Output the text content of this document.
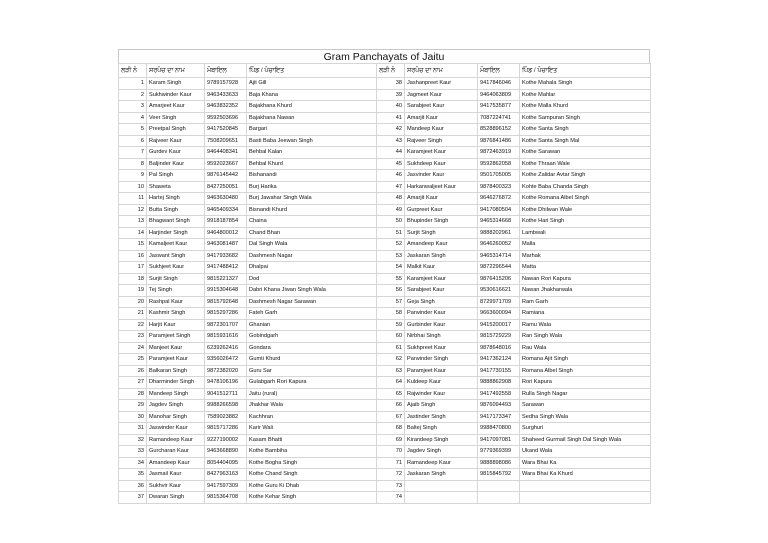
Gram Panchayats of Jaitu
ਲੜੀ ਨੰ	ਸਰਪੰਚ ਦਾ ਨਾਮ	ਮੋਬਾਇਲ	ਪਿੰਡ / ਪੰਚਾਇਤ	ਲੜੀ ਨੰ	ਸਰਪੰਚ ਦਾ ਨਾਮ	ਮੋਬਾਇਲ	ਪਿੰਡ / ਪੰਚਾਇਤ
1	Karam Singh	9789157928	Ajit Gill	38	Jashanpreet Kaur	9417846046	Kothe Mahala Singh
2	Sukhwinder Kaur	9463433633	Baja Khana	39	Jagmeet Kaur	9464063809	Kothe Mahlar
3	Amarjeet Kaur	9463832352	Bajakhana Khurd	40	Sarabjeet Kaur	9417535877	Kothe Malla Khurd
4	Veer Singh	9592503696	Bajakhana Nawan	41	Amarjit Kaur	7087224741	Kothe Sampuran Singh
5	Preetpal Singh	9417520845	Bargari	42	Mandeep Kaur	8528896152	Kothe Santa Singh
6	Rajveer Kaur	7508209651	Basti Baba Jeewan Singh	43	Rajveer Singh	9876841486	Kothe Santa Singh Mal
7	Gurdev Kaur	9464408341	Behbal Kalan	44	Karamjeet Kaur	9872463919	Kothe Sarawan
8	Baljinder Kaur	9592023667	Behbal Khurd	45	Sukhdeep Kaur	9592862058	Kothe Thraan Wale
9	Pal Singh	9876145442	Bishanandi	46	Jasvinder Kaur	9501705005	Kothe Zalidar Avtar Singh
10	Shaweta	8427250051	Burj Harika	47	Harkanwaljeet Kaur	9878400323	Kohte Baba Chanda Singh
11	Hartej Singh	9463630480	Burj Jawahar Singh Wala	48	Amarjit Kaur	9646276872	Kothe Romana Albel Singh
12	Butta Singh	9465409334	Bisnandi Khurd	49	Gurpreet Kaur	9417080504	Kothe Dhilwan Wale
13	Bhagwant Singh	9918187854	Chaina	50	Bhupinder Singh	9465314668	Kothe Hari Singh
14	Harjinder Singh	9464800012	Chand Bhan	51	Surjit Singh	9888202961	Lambwali
15	Kamaljeet Kaur	9463081487	Dal Singh Wala	52	Amandeep Kaur	9646260052	Malla
16	Jaswant Singh	9417933682	Dashmesh Nagar	53	Jaskaran Singh	9465314714	Marhak
17	Sukhjeet Kaur	9417488412	Dhalpai	54	Malkit Kaur	9872296544	Matta
18	Surjit Singh	9815221327	Dod	55	Karamjeet Kaur	9876415206	Nawan Rori Kapura
19	Tej Singh	9915304648	Dabri Khana Jiwan Singh Wala	56	Sarabjeet Kaur	9530616621	Nawan Jhakharwala
20	Rashpal Kaur	9815792648	Dashmesh Nagar Sarawan	57	Geja Singh	8729971709	Ram Garh
21	Kashmir Singh	9815297286	Fateh Garh	58	Parwinder Kaur	9663600094	Ramiana
22	Harjit Kaur	9872301707	Ghanian	59	Gurbinder Kaur	9415200017	Ramu Wala
23	Paramjeet Singh	9815931616	Gobindgarh	60	Nirbhai Singh	9815729229	Ran Singh Wala
24	Manjeet Kaur	6239262416	Gondara	61	Sukhpreet Kaur	9878648016	Rau Wala
25	Paramjeet Kaur	9356026472	Gumti Khurd	62	Parwinder Singh	9417362124	Romana Ajit Singh
26	Balkaran Singh	9872382020	Guru Sar	63	Paramjeet Kaur	9417730155	Romana Albel Singh
27	Dharminder Singh	9478106196	Gulabgarh Rori Kapura	64	Kuldeep Kaur	9888862908	Rori Kapura
28	Mandeep Singh	9041512711	Jaitu (rural)	65	Rajwinder Kaur	9417492558	Rulla Singh Nagar
29	Jagdev Singh	9988266598	Jhakhar Wala	66	Ajaib Singh	9876094493	Sarawan
30	Manohar Singh	7589023882	Kachhran	67	Jastinder Singh	9417173347	Sedha Singh Wala
31	Jaswinder Kaur	9815717286	Karir Wali	68	Baltej Singh	9988470800	Surghuri
32	Ramandeep Kaur	9227190002	Kasam Bhatti	69	Kirandeep Singh	9417097081	Shaheed Gurmail Singh Dal Singh Wala
33	Gurcharan Kaur	9463668890	Kothe Bambiha	70	Jagdev Singh	9779369399	Ukand Wala
34	Amandeep Kaur	8054404095	Kothe Bogha Singh	71	Ramandeep Kaur	9888898086	Wara Bhai Ka
35	Jasmail Kaur	8427963163	Kothe Chand Singh	72	Jaskaran Singh	9815845792	Wara Bhai Ka Khurd
36	Sukhvir Kaur	9417597309	Kothe Guru Ki Dhab	73			
37	Dwaran Singh	9815364708	Kothe Kehar Singh	74			
